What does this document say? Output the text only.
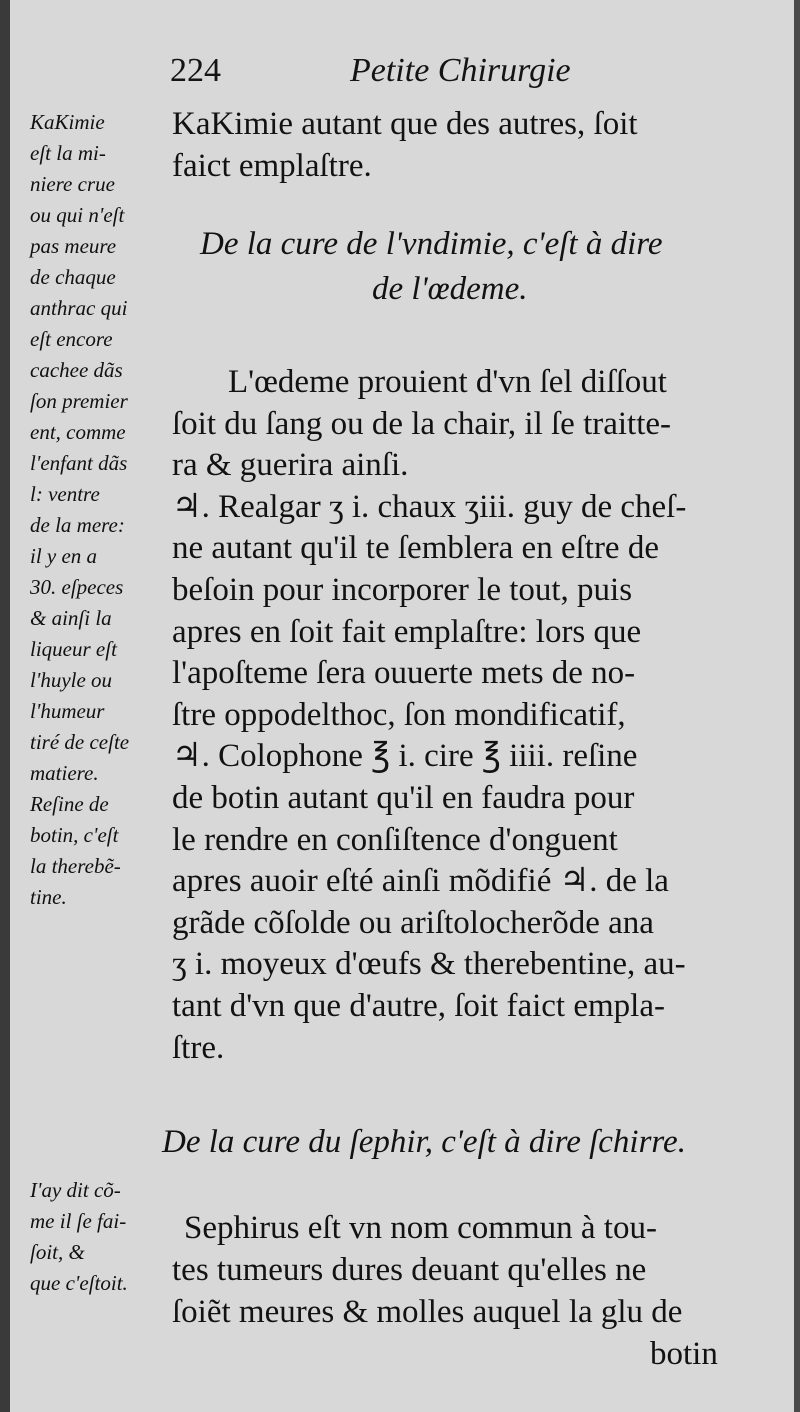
224	Petite Chirurgie
KaKimie
eſt la mi-
niere crue
ou qui n'eſt
pas meure
de chaque
anthrac qui
eſt encore
cachee dãs
ſon premier
ent, comme
l'enfant dãs
l: ventre
de la mere:
il y en a
30. eſpeces
& ainſi la
liqueur eſt
l'huyle ou
l'humeur
tiré de ceſte
matiere.
Reſine de
botin, c'eſt
la therebẽ-
tine.
KaKimie autant que des autres, ſoit
faict emplaſtre.
De la cure de l'vndimie, c'eſt à dire
de l'œdeme.
L'œdeme prouient d'vn ſel diſſout
ſoit du ſang ou de la chair, il ſe traitte-
ra & guerira ainſi.
♃. Realgar ʒ i. chaux ʒiii. guy de cheſ-
ne autant qu'il te ſemblera en eſtre de
beſoin pour incorporer le tout, puis
apres en ſoit fait emplaſtre: lors que
l'apoſteme ſera ouuerte mets de no-
ſtre oppodelthoc, ſon mondificatif,
♃. Colophone ℥ i. cire ℥ iiii. reſine
de botin autant qu'il en faudra pour
le rendre en conſiſtence d'onguent
apres auoir eſté ainſi mõdifié ♃. de la
grãde cõſolde ou ariſtolocherõde ana
ʒ i. moyeux d'œufs & therebentine, au-
tant d'vn que d'autre, ſoit faict empla-
ſtre.
De la cure du ſephir, c'eſt à dire ſchirre.
I'ay dit cõ-
me il ſe fai-
ſoit, &
que c'eſtoit.
Sephirus eſt vn nom commun à tou-
tes tumeurs dures deuant qu'elles ne
ſoiẽt meures & molles auquel la glu de
botin
